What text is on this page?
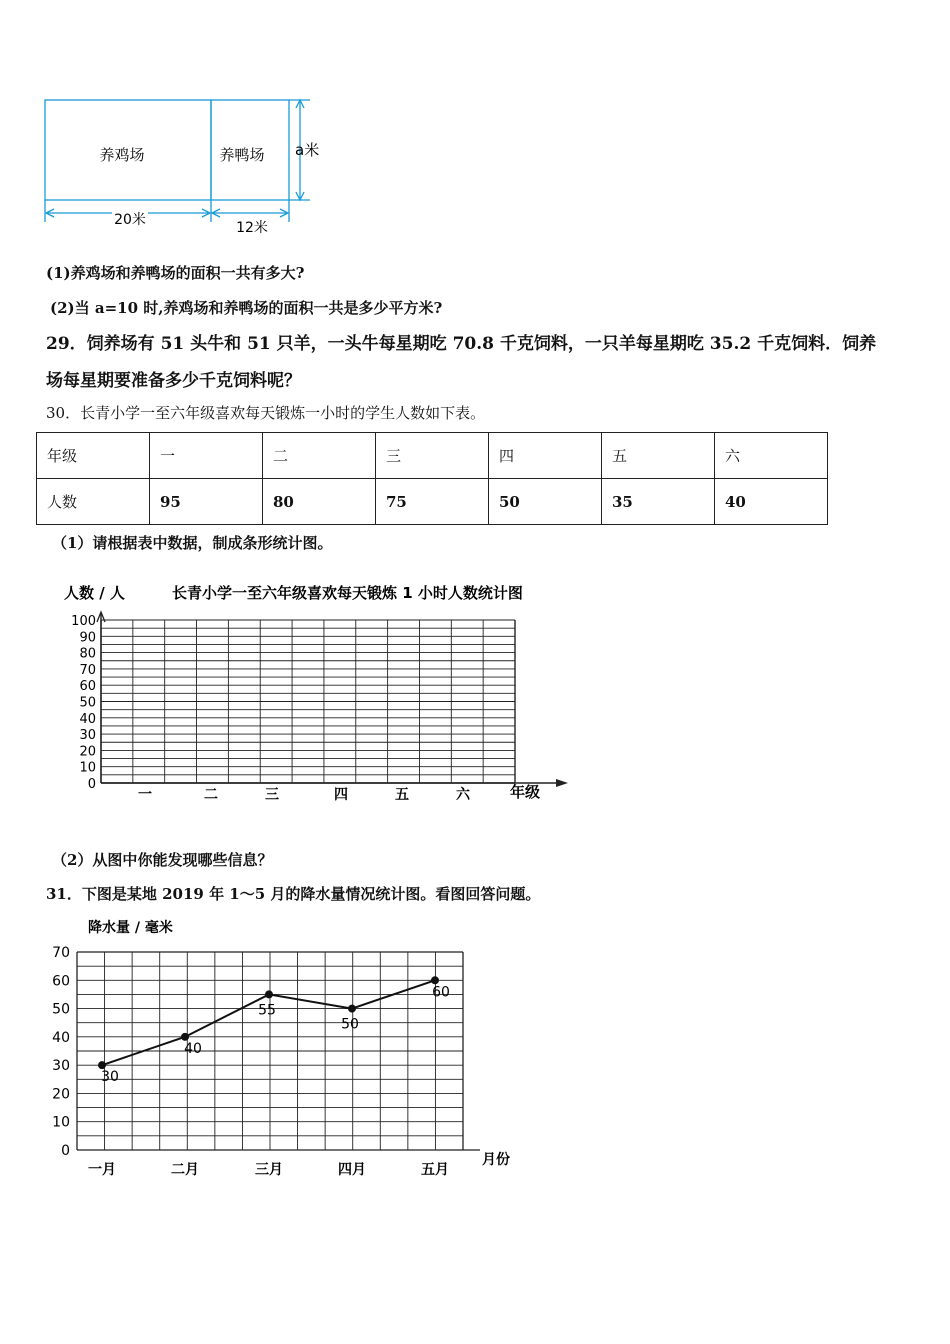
养鸡场	养鸭场 a米
20米	12米
(1)养鸡场和养鸭场的面积一共有多大?
(2)当 a=10 时,养鸡场和养鸭场的面积一共是多少平方米?
29．饲养场有 51 头牛和 51 只羊，一头牛每星期吃 70.8 千克饲料，一只羊每星期吃 35.2 千克饲料．饲养
场每星期要准备多少千克饲料呢？
30．长青小学一至六年级喜欢每天锻炼一小时的学生人数如下表。
年级	一	二	三	四	五	六
人数	95	80	75	50	35	40
（1）请根据表中数据，制成条形统计图。
人数 / 人	长青小学一至六年级喜欢每天锻炼 1 小时人数统计图
0
10
20
30
40
50
60
70
80
90
100
一	二	三	四	五	六	年级
（2）从图中你能发现哪些信息？
31．下图是某地 2019 年 1～5 月的降水量情况统计图。看图回答问题。
降水量 / 毫米
0
10
20
30
40
50
60
70
一月	二月	三月	四月	五月
30
40
55
50
60
月份
